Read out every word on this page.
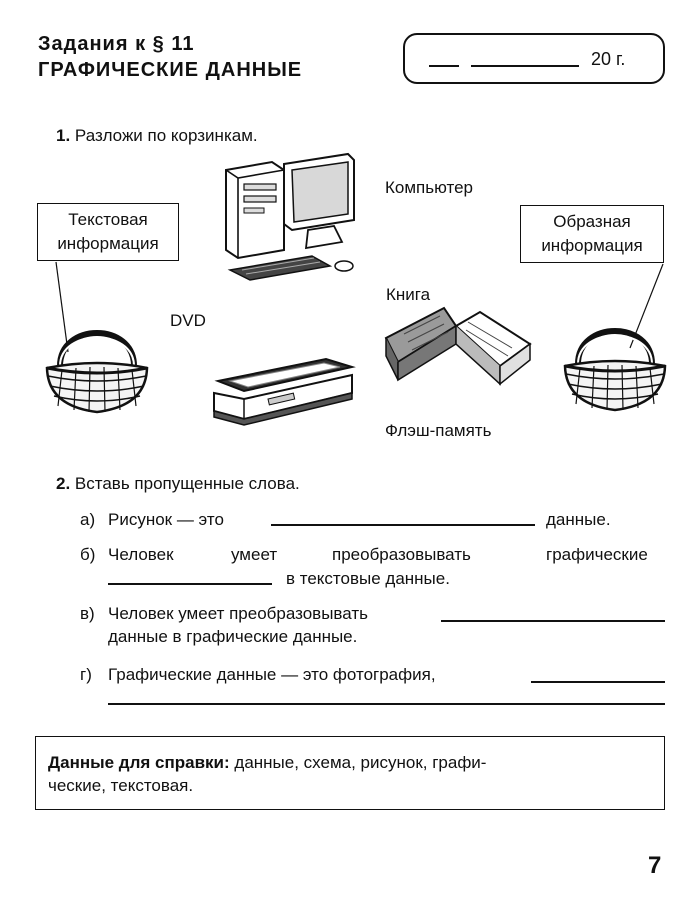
Задания к § 11
ГРАФИЧЕСКИЕ ДАННЫЕ	20 г.
1. Разложи по корзинкам.
Текстовая
информация
Образная
информация
Компьютер
Книга
DVD
Флэш-память
2. Вставь пропущенные слова.
а) Рисунок — это	данные.
б) Человек	умеет	преобразовывать	графические
в текстовые данные.
в) Человек умеет преобразовывать
данные в графические данные.
г) Графические данные — это фотография,
Данные для справки: данные, схема, рисунок, графи-
ческие, текстовая.
7
